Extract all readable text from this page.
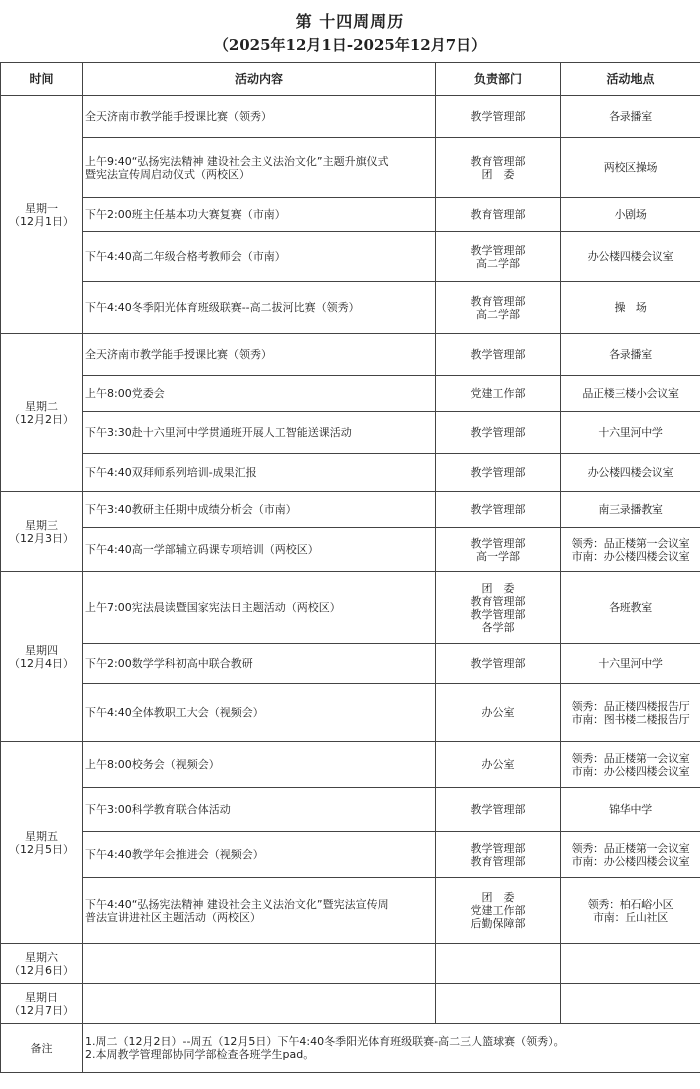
第 十四周周历
（2025年12月1日-2025年12月7日）
时间	活动内容	负责部门	活动地点

星期一
（12月1日）	全天济南市教学能手授课比赛（领秀）	教学管理部	各录播室

	上午9:40“弘扬宪法精神 建设社会主义法治文化”主题升旗仪式
暨宪法宣传周启动仪式（两校区）	教育管理部
团　委	两校区操场

	下午2:00班主任基本功大赛复赛（市南）	教育管理部	小剧场

	下午4:40高二年级合格考教师会（市南）	教学管理部
高二学部	办公楼四楼会议室

	下午4:40冬季阳光体育班级联赛--高二拔河比赛（领秀）	教育管理部
高二学部	操　场

星期二
（12月2日）	全天济南市教学能手授课比赛（领秀）	教学管理部	各录播室

	上午8:00党委会	党建工作部	品正楼三楼小会议室

	下午3:30赴十六里河中学贯通班开展人工智能送课活动	教学管理部	十六里河中学

	下午4:40双拜师系列培训-成果汇报	教学管理部	办公楼四楼会议室

星期三
（12月3日）	下午3:40教研主任期中成绩分析会（市南）	教学管理部	南三录播教室

	下午4:40高一学部辅立码课专项培训（两校区）	教学管理部
高一学部	领秀：品正楼第一会议室
市南：办公楼四楼会议室

星期四
（12月4日）	上午7:00宪法晨读暨国家宪法日主题活动（两校区）	团　委
教育管理部
教学管理部
各学部	各班教室

	下午2:00数学学科初高中联合教研	教学管理部	十六里河中学

	下午4:40全体教职工大会（视频会）	办公室	领秀：品正楼四楼报告厅
市南：图书楼二楼报告厅

星期五
（12月5日）	上午8:00校务会（视频会）	办公室	领秀：品正楼第一会议室
市南：办公楼四楼会议室

	下午3:00科学教育联合体活动	教学管理部	锦华中学

	下午4:40教学年会推进会（视频会）	教学管理部
教育管理部	领秀：品正楼第一会议室
市南：办公楼四楼会议室

	下午4:40“弘扬宪法精神 建设社会主义法治文化”暨宪法宣传周
普法宣讲进社区主题活动（两校区）	团　委
党建工作部
后勤保障部	领秀：柏石峪小区
市南：丘山社区

星期六
（12月6日）			

星期日
（12月7日）			

备注	1.周二（12月2日）--周五（12月5日）下午4:40冬季阳光体育班级联赛-高二三人篮球赛（领秀）。
2.本周教学管理部协同学部检查各班学生pad。		
